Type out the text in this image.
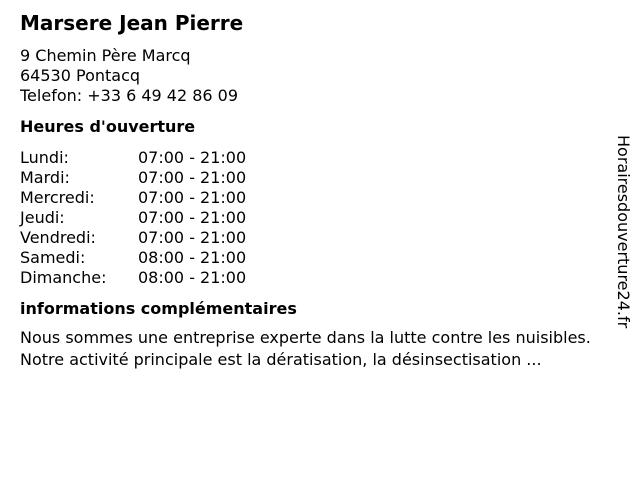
Marsere Jean Pierre
9 Chemin Père Marcq
64530 Pontacq
Telefon: +33 6 49 42 86 09
Heures d'ouverture
Lundi:	07:00 - 21:00
Mardi:	07:00 - 21:00
Mercredi:	07:00 - 21:00
Jeudi:	07:00 - 21:00
Vendredi:	07:00 - 21:00
Samedi:	08:00 - 21:00
Dimanche: 08:00 - 21:00
informations complémentaires
Nous sommes une entreprise experte dans la lutte contre les nuisibles. Notre activité principale est la dératisation, la désinsectisation ...
Horairesdouverture24.fr
